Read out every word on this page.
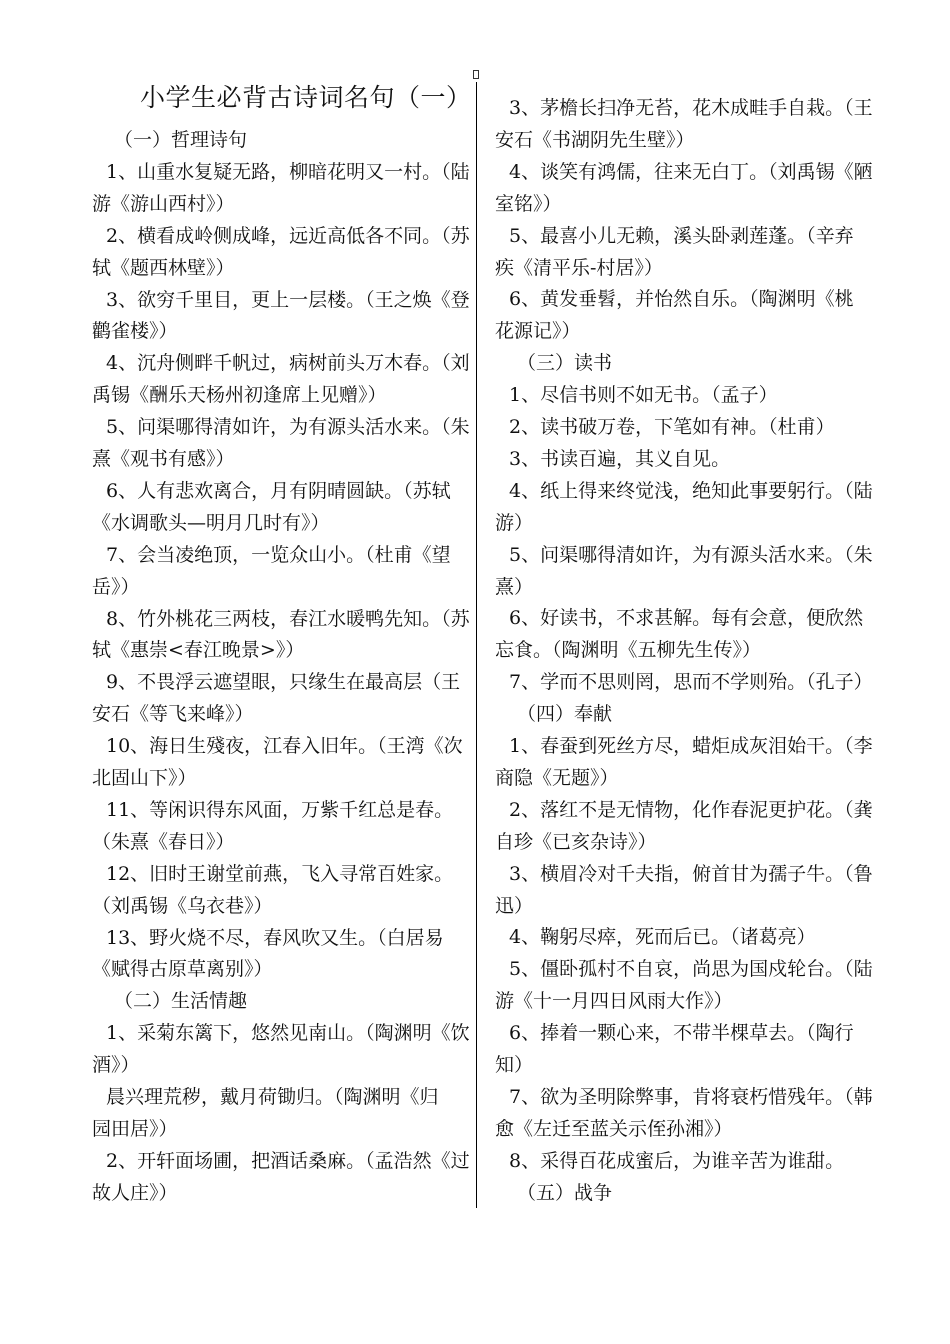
小学生必背古诗词名句（一）
（一）哲理诗句
1、山重水复疑无路，柳暗花明又一村。（陆
游《游山西村》）
2、横看成岭侧成峰，远近高低各不同。（苏
轼《题西林壁》）
3、欲穷千里目，更上一层楼。（王之焕《登
鹳雀楼》）
4、沉舟侧畔千帆过，病树前头万木春。（刘
禹锡《酬乐天杨州初逢席上见赠》）
5、问渠哪得清如许，为有源头活水来。（朱
熹《观书有感》）
6、人有悲欢离合，月有阴晴圆缺。（苏轼
《水调歌头—明月几时有》）
7、会当凌绝顶，一览众山小。（杜甫《望
岳》）
8、竹外桃花三两枝，春江水暖鸭先知。（苏
轼《惠崇<春江晚景>》）
9、不畏浮云遮望眼，只缘生在最高层（王
安石《等飞来峰》）
10、海日生殘夜，江春入旧年。（王湾《次
北固山下》）
11、等闲识得东风面，万紫千红总是春。
（朱熹《春日》）
12、旧时王谢堂前燕，飞入寻常百姓家。
（刘禹锡《乌衣巷》）
13、野火烧不尽，春风吹又生。（白居易
《赋得古原草离别》）
（二）生活情趣
1、采菊东篱下，悠然见南山。（陶渊明《饮
酒》）
晨兴理荒秽，戴月荷锄归。（陶渊明《归
园田居》）
2、开轩面场圃，把酒话桑麻。（孟浩然《过
故人庄》）
3、茅檐长扫净无苔，花木成畦手自栽。（王
安石《书湖阴先生壁》）
4、谈笑有鸿儒，往来无白丁。（刘禹锡《陋
室铭》）
5、最喜小儿无赖，溪头卧剥莲蓬。（辛弃
疾《清平乐-村居》）
6、黄发垂髫，并怡然自乐。（陶渊明《桃
花源记》）
（三）读书
1、尽信书则不如无书。（孟子）
2、读书破万卷，下笔如有神。（杜甫）
3、书读百遍，其义自见。
4、纸上得来终觉浅，绝知此事要躬行。（陆
游）
5、问渠哪得清如许，为有源头活水来。（朱
熹）
6、好读书，不求甚解。每有会意，便欣然
忘食。（陶渊明《五柳先生传》）
7、学而不思则罔，思而不学则殆。（孔子）
（四）奉献
1、春蚕到死丝方尽，蜡炬成灰泪始干。（李
商隐《无题》）
2、落红不是无情物，化作春泥更护花。（龚
自珍《已亥杂诗》）
3、横眉冷对千夫指，俯首甘为孺子牛。（鲁
迅）
4、鞠躬尽瘁，死而后已。（诸葛亮）
5、僵卧孤村不自哀，尚思为国戍轮台。（陆
游《十一月四日风雨大作》）
6、捧着一颗心来，不带半棵草去。（陶行
知）
7、欲为圣明除弊事，肯将衰朽惜残年。（韩
愈《左迁至蓝关示侄孙湘》）
8、采得百花成蜜后，为谁辛苦为谁甜。
（五）战争
